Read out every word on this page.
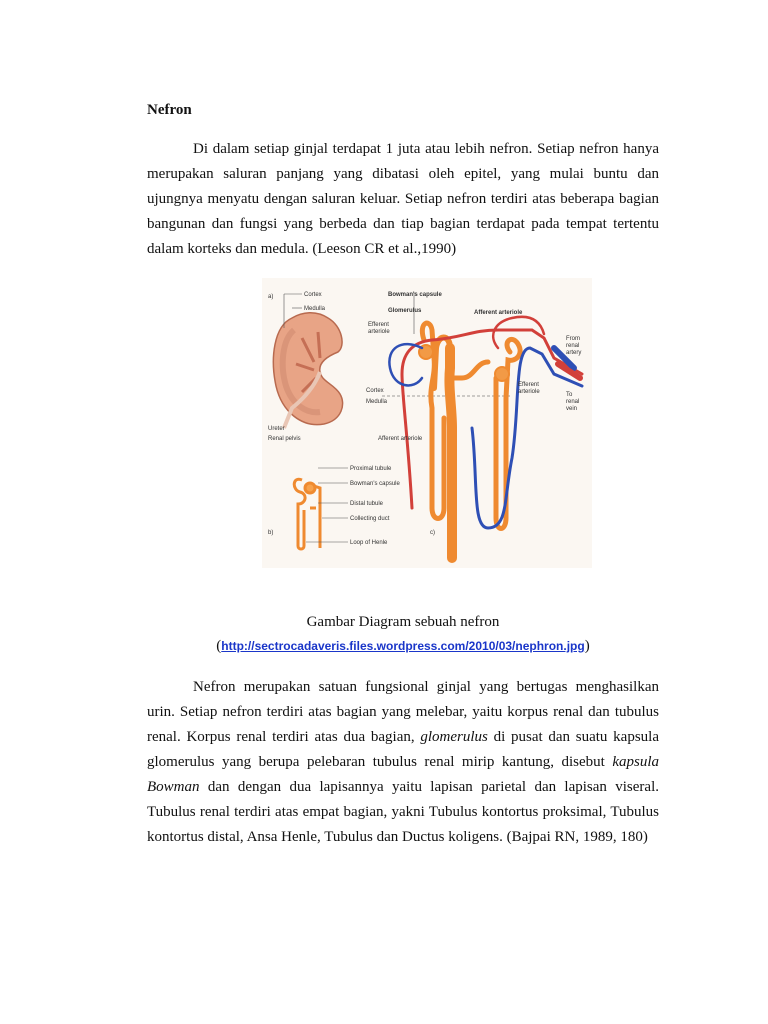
Nefron

Di dalam setiap ginjal terdapat 1 juta atau lebih nefron. Setiap nefron hanya merupakan saluran panjang yang dibatasi oleh epitel, yang mulai buntu dan ujungnya menyatu dengan saluran keluar. Setiap nefron terdiri atas beberapa bagian bangunan dan fungsi yang berbeda dan tiap bagian terdapat pada tempat tertentu dalam korteks dan medula. (Leeson CR et al.,1990)

a)	Cortex
Medulla
Ureter
Renal pelvis
b)
Proximal tubule
Bowman's capsule
Distal tubule
Collecting duct
Loop of Henle
c)
Bowman's capsule
Glomerulus
Efferent
arteriole
Afferent arteriole
From
renal
artery
Efferent
arteriole	To
renal
vein
Cortex
Medulla
Afferent arteriole
Gambar Diagram sebuah nefron
(http://sectrocadaveris.files.wordpress.com/2010/03/nephron.jpg)

Nefron merupakan satuan fungsional ginjal yang bertugas menghasilkan urin. Setiap nefron terdiri atas bagian yang melebar, yaitu korpus renal dan tubulus renal. Korpus renal terdiri atas dua bagian, glomerulus di pusat dan suatu kapsula glomerulus yang berupa pelebaran tubulus renal mirip kantung, disebut kapsula Bowman dan dengan dua lapisannya yaitu lapisan parietal dan lapisan viseral. Tubulus renal terdiri atas empat bagian, yakni Tubulus kontortus proksimal, Tubulus kontortus distal, Ansa Henle, Tubulus dan Ductus koligens. (Bajpai RN, 1989, 180)
